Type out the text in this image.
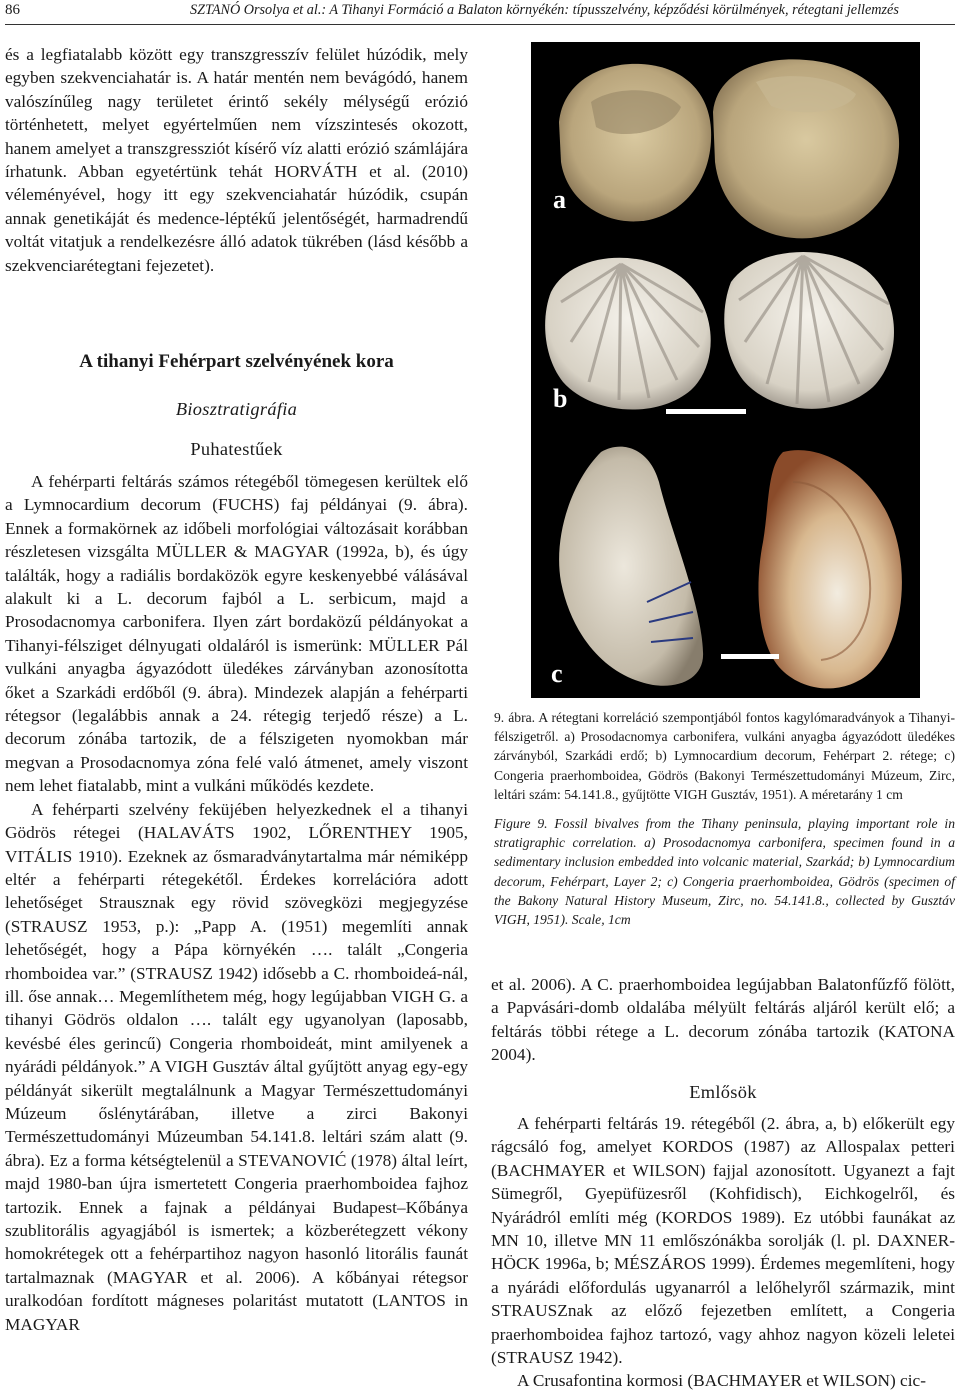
86	SZTANÓ Orsolya et al.: A Tihanyi Formáció a Balaton környékén: típusszelvény, képződési körülmények, rétegtani jellemzés

és a legfiatalabb között egy transzgresszív felület húzódik, mely egyben szekvenciahatár is. A határ mentén nem bevágódó, hanem valószínűleg nagy területet érintő sekély mélységű erózió történhetett, melyet egyértelműen nem vízszintesés okozott, hanem amelyet a transzgressziót kísérő víz alatti erózió számlájára írhatunk. Abban egyetértünk tehát HORVÁTH et al. (2010) véleményével, hogy itt egy szekvenciahatár húzódik, csupán annak genetikáját és medence-léptékű jelentőségét, harmadrendű voltát vitatjuk a rendelkezésre álló adatok tükrében (lásd később a szekvenciarétegtani fejezetet).

A tihanyi Fehérpart szelvényének kora
Biosztratigráfia
Puhatestűek

A fehérparti feltárás számos rétegéből tömegesen kerültek elő a Lymnocardium decorum (FUCHS) faj példányai (9. ábra). Ennek a formakörnek az időbeli morfológiai változásait korábban részletesen vizsgálta MÜLLER & MAGYAR (1992a, b), és úgy találták, hogy a radiális bordaközök egyre keskenyebbé válásával alakult ki a L. decorum fajból a L. serbicum, majd a Prosodacnomya carbonifera. Ilyen zárt bordaközű példányokat a Tihanyi-félsziget délnyugati oldaláról is ismerünk: MÜLLER Pál vulkáni anyagba ágyazódott üledékes zárványban azonosította őket a Szarkádi erdőből (9. ábra). Mindezek alapján a fehérparti rétegsor (legalábbis annak a 24. rétegig terjedő része) a L. decorum zónába tartozik, de a félszigeten nyomokban már megvan a Prosodacnomya zóna felé való átmenet, amely viszont nem lehet fiatalabb, mint a vulkáni működés kezdete.

A fehérparti szelvény feküjében helyezkednek el a tihanyi Gödrös rétegei (HALAVÁTS 1902, LŐRENTHEY 1905, VITÁLIS 1910). Ezeknek az ősmaradványtartalma már némiképp eltér a fehérparti rétegekétől. Érdekes korrelációra adott lehetőséget Strausznak egy rövid szövegközi megjegyzése (STRAUSZ 1953, p.): „Papp A. (1951) megemlíti annak lehetőségét, hogy a Pápa környékén …. talált „Congeria rhomboidea var.” (STRAUSZ 1942) idősebb a C. rhomboideá-nál, ill. őse annak… Megemlíthetem még, hogy legújabban VIGH G. a tihanyi Gödrös oldalon …. talált egy ugyanolyan (laposabb, kevésbé éles gerincű) Congeria rhomboideát, mint amilyenek a nyárádi példányok.” A VIGH Gusztáv által gyűjtött anyag egy-egy példányát sikerült megtalálnunk a Magyar Természettudományi Múzeum őslénytárában, illetve a zirci Bakonyi Természettudományi Múzeumban 54.141.8. leltári szám alatt (9. ábra). Ez a forma kétségtelenül a STEVANOVIĆ (1978) által leírt, majd 1980-ban újra ismertetett Congeria praerhomboidea fajhoz tartozik. Ennek a fajnak a példányai Budapest–Kőbánya szublitorális agyagjából is ismertek; a közberétegzett vékony homokrétegek ott a fehérpartihoz nagyon hasonló litorális faunát tartalmaznak (MAGYAR et al. 2006). A kőbányai rétegsor uralkodóan fordított mágneses polaritást mutatott (LANTOS in MAGYAR

a
b
c

9. ábra. A rétegtani korreláció szempontjából fontos kagylómaradványok a Tihanyi-félszigetről. a) Prosodacnomya carbonifera, vulkáni anyagba ágyazódott üledékes zárványból, Szarkádi erdő; b) Lymnocardium decorum, Fehérpart 2. rétege; c) Congeria praerhomboidea, Gödrös (Bakonyi Természettudományi Múzeum, Zirc, leltári szám: 54.141.8., gyűjtötte VIGH Gusztáv, 1951). A méretarány 1 cm

Figure 9. Fossil bivalves from the Tihany peninsula, playing important role in stratigraphic correlation. a) Prosodacnomya carbonifera, specimen found in a sedimentary inclusion embedded into volcanic material, Szarkád; b) Lymnocardium decorum, Fehérpart, Layer 2; c) Congeria praerhomboidea, Gödrös (specimen of the Bakony Natural History Museum, Zirc, no. 54.141.8., collected by Gusztáv VIGH, 1951). Scale, 1cm

et al. 2006). A C. praerhomboidea legújabban Balatonfűzfő fölött, a Papvásári-domb oldalába mélyült feltárás aljáról került elő; a feltárás többi rétege a L. decorum zónába tartozik (KATONA 2004).

Emlősök

A fehérparti feltárás 19. rétegéből (2. ábra, a, b) előkerült egy rágcsáló fog, amelyet KORDOS (1987) az Allospalax petteri (BACHMAYER et WILSON) fajjal azonosított. Ugyanezt a fajt Sümegről, Gyepüfüzesről (Kohfidisch), Eichkogelről, és Nyárádról említi még (KORDOS 1989). Ez utóbbi faunákat az MN 10, illetve MN 11 emlőszónákba sorolják (l. pl. DAXNER-HÖCK 1996a, b; MÉSZÁROS 1999). Érdemes megemlíteni, hogy a nyárádi előfordulás ugyanarról a lelőhelyről származik, mint STRAUSZnak az előző fejezetben említett, a Congeria praerhomboidea fajhoz tartozó, vagy ahhoz nagyon közeli leletei (STRAUSZ 1942).

A Crusafontina kormosi (BACHMAYER et WILSON) cic-
